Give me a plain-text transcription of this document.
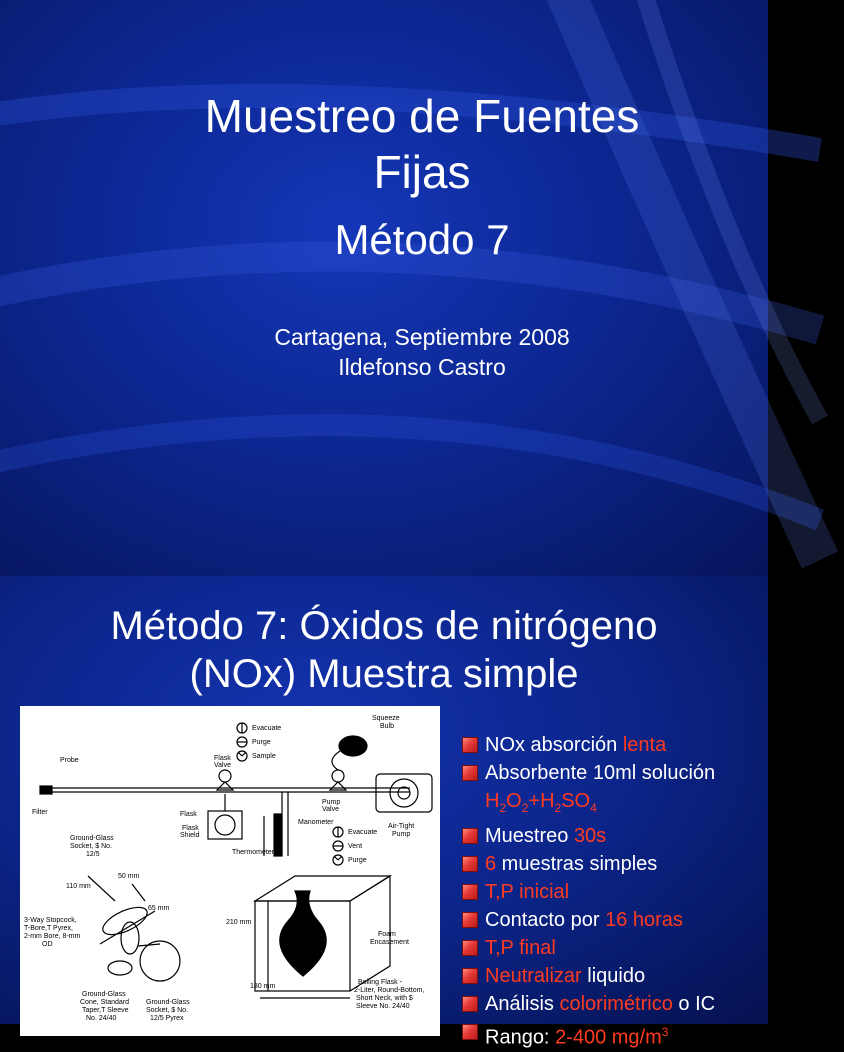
Muestreo de Fuentes
Fijas
Método 7
Cartagena, Septiembre 2008
Ildefonso Castro
Método 7: Óxidos de nitrógeno
(NOx) Muestra simple
Evacuate
Purge
Sample
Squeeze
Bulb
Probe
Filter
Flask
Valve
Pump
Valve
Flask
Flask
Shield
Manometer
Thermometer
Air-Tight
Pump
Evacuate
Vent
Purge
Ground-Glass
Socket, $ No.
12/5
50 mm
110 mm
65 mm
3-Way Stopcock,
T-Bore,T Pyrex,
2-mm Bore, 8-mm
OD
Ground-Glass
Cone, Standard
Taper,T Sleeve
No. 24/40
Ground-Glass
Socket, $ No.
12/5 Pyrex
210 mm
7 mm
180 mm
Foam
Encasement
Boiling Flask -
2-Liter, Round-Bottom,
Short Neck, with $
Sleeve No. 24/40
NOx absorción lenta
Absorbente 10ml solución
$H_2O_2+H_2SO_4$
Muestreo 30s
6 muestras simples
T,P inicial
Contacto por 16 horas
T,P final
Neutralizar liquido
Análisis colorimétrico o IC
Rango: 2-400 $mg/m^3$
